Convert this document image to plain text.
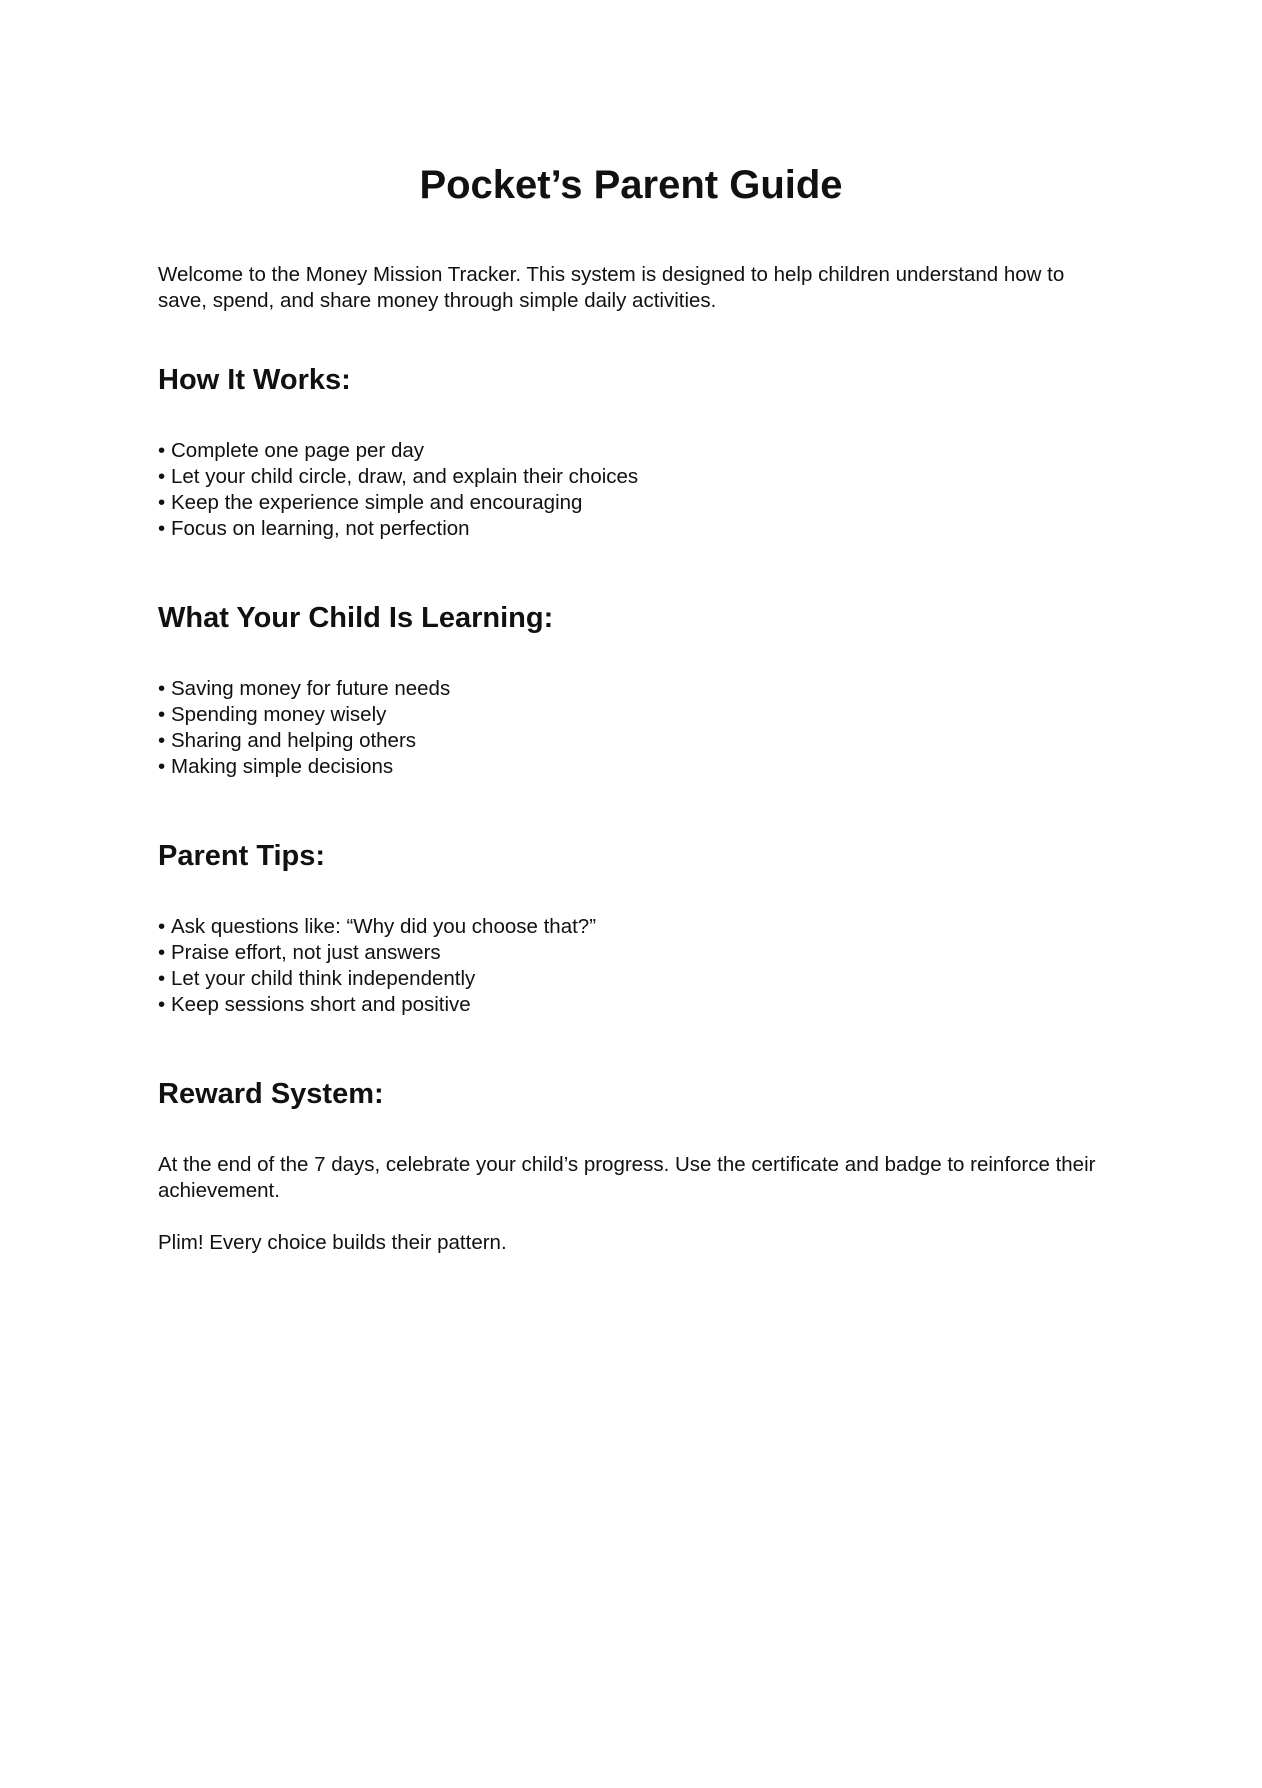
Pocket’s Parent Guide

Welcome to the Money Mission Tracker. This system is designed to help children understand how to save, spend, and share money through simple daily activities.

How It Works:
• Complete one page per day
• Let your child circle, draw, and explain their choices
• Keep the experience simple and encouraging
• Focus on learning, not perfection
What Your Child Is Learning:
• Saving money for future needs
• Spending money wisely
• Sharing and helping others
• Making simple decisions
Parent Tips:
• Ask questions like: “Why did you choose that?”
• Praise effort, not just answers
• Let your child think independently
• Keep sessions short and positive
Reward System:

At the end of the 7 days, celebrate your child’s progress. Use the certificate and badge to reinforce their achievement.

Plim! Every choice builds their pattern.
